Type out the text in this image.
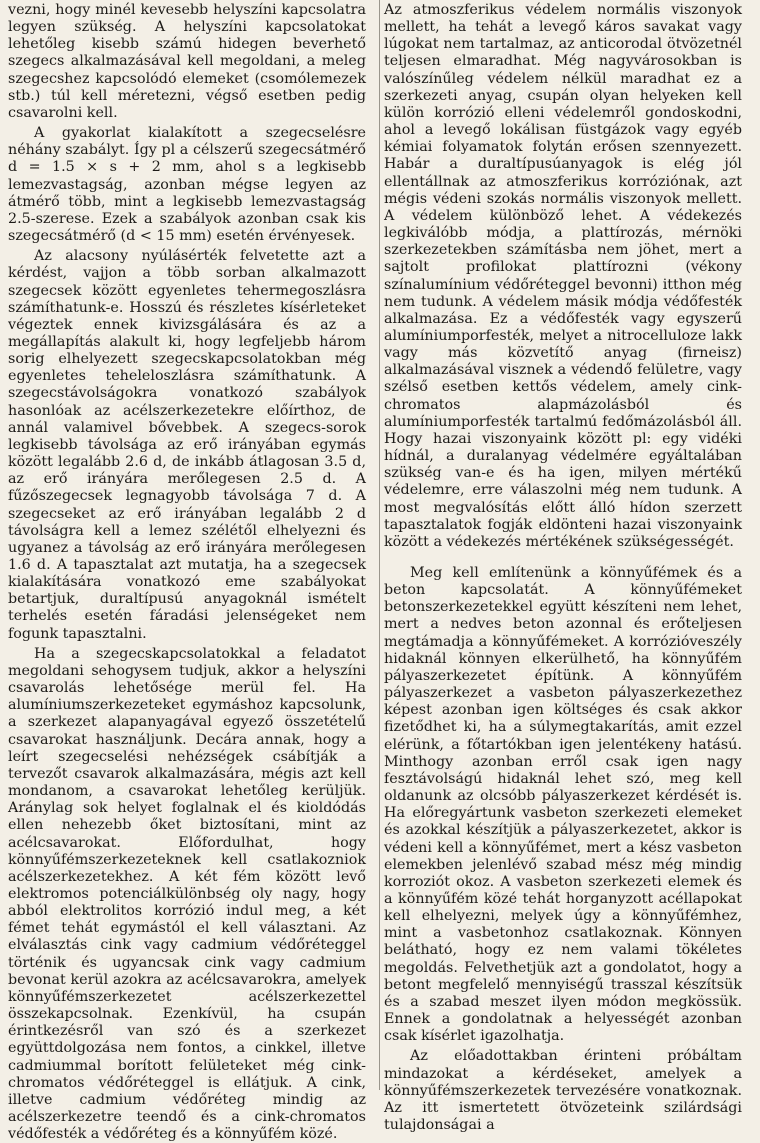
vezni, hogy minél kevesebb helyszíni kapcsolatra legyen szükség. A helyszíni kapcsolatokat lehetőleg kisebb számú hidegen beverhető szegecs alkalmazásával kell megoldani, a meleg szegecshez kapcsolódó elemeket (csomólemezek stb.) túl kell méretezni, végső esetben pedig csavarolni kell.

A gyakorlat kialakított a szegecselésre néhány szabályt. Így pl a célszerű szegecsátmérő d = 1.5 × s + 2 mm, ahol s a legkisebb lemezvastagság, azonban mégse legyen az átmérő több, mint a legkisebb lemezvastagság 2.5-szerese. Ezek a szabályok azonban csak kis szegecsátmérő (d < 15 mm) esetén érvényesek.

Az alacsony nyúlásérték felvetette azt a kérdést, vajjon a több sorban alkalmazott szegecsek között egyenletes tehermegoszlásra számíthatunk-e. Hosszú és részletes kísérleteket végeztek ennek kivizsgálására és az a megállapítás alakult ki, hogy legfeljebb három sorig elhelyezett szegecskapcsolatokban még egyenletes teheleloszlásra számíthatunk. A szegecstávolságokra vonatkozó szabályok hasonlóak az acélszerkezetekre előírthoz, de annál valamivel bővebbek. A szegecs-sorok legkisebb távolsága az erő irányában egymás között legalább 2.6 d, de inkább átlagosan 3.5 d, az erő irányára merőlegesen 2.5 d. A fűzőszegecsek legnagyobb távolsága 7 d. A szegecseket az erő irányában legalább 2 d távolságra kell a lemez szélétől elhelyezni és ugyanez a távolság az erő irányára merőlegesen 1.6 d. A tapasztalat azt mutatja, ha a szegecsek kialakítására vonatkozó eme szabályokat betartjuk, duraltípusú anyagoknál ismételt terhelés esetén fáradási jelenségeket nem fogunk tapasztalni.

Ha a szegecskapcsolatokkal a feladatot megoldani sehogysem tudjuk, akkor a helyszíni csavarolás lehetősége merül fel. Ha alumíniumszerkezeteket egymáshoz kapcsolunk, a szerkezet alapanyagával egyező összetételű csavarokat használjunk. Decára annak, hogy a leírt szegecselési nehézségek csábítják a tervezőt csavarok alkalmazására, mégis azt kell mondanom, a csavarokat lehetőleg kerüljük. Aránylag sok helyet foglalnak el és kioldódás ellen nehezebb őket biztosítani, mint az acélcsavarokat. Előfordulhat, hogy könnyűfémszerkezeteknek kell csatlakozniok acélszerkezetekhez. A két fém között levő elektromos potenciálkülönbség oly nagy, hogy abból elektrolitos korrózió indul meg, a két fémet tehát egymástól el kell választani. Az elválasztás cink vagy cadmium védőréteggel történik és ugyancsak cink vagy cadmium bevonat kerül azokra az acélcsavarokra, amelyek könnyűfémszerkezetet acélszerkezettel összekapcsolnak. Ezenkívül, ha csupán érintkezésről van szó és a szerkezet együttdolgozása nem fontos, a cinkkel, illetve cadmiummal borított felületeket még cink-chromatos védőréteggel is ellátjuk. A cink, illetve cadmium védőréteg mindig az acélszerkezetre teendő és a cink-chromatos védőfesték a védőréteg és a könnyűfém közé.

Az atmoszferikus védelem normális viszonyok mellett, ha tehát a levegő káros savakat vagy lúgokat nem tartalmaz, az anticorodal ötvözetnél teljesen elmaradhat. Még nagyvárosokban is valószínűleg védelem nélkül maradhat ez a szerkezeti anyag, csupán olyan helyeken kell külön korrózió elleni védelemről gondoskodni, ahol a levegő lokálisan füstgázok vagy egyéb kémiai folyamatok folytán erősen szennyezett. Habár a duraltípusúanyagok is elég jól ellentállnak az atmoszferikus korróziónak, azt mégis védeni szokás normális viszonyok mellett. A védelem különböző lehet. A védekezés legkiválóbb módja, a plattírozás, mérnöki szerkezetekben számításba nem jöhet, mert a sajtolt profilokat plattírozni (vékony színalumínium védőréteggel bevonni) itthon még nem tudunk. A védelem másik módja védőfesték alkalmazása. Ez a védőfesték vagy egyszerű alumíniumporfesték, melyet a nitrocelluloze lakk vagy más közvetítő anyag (firneisz) alkalmazásával visznek a védendő felületre, vagy szélső esetben kettős védelem, amely cink-chromatos alapmázolásból és alumíniumporfesték tartalmú fedőmázolásból áll. Hogy hazai viszonyaink között pl: egy vidéki hídnál, a duralanyag védelmére egyáltalában szükség van-e és ha igen, milyen mértékű védelemre, erre válaszolni még nem tudunk. A most megvalósítás előtt álló hídon szerzett tapasztalatok fogják eldönteni hazai viszonyaink között a védekezés mértékének szükségességét.

Meg kell említenünk a könnyűfémek és a beton kapcsolatát. A könnyűfémeket betonszerkezetekkel együtt készíteni nem lehet, mert a nedves beton azonnal és erőteljesen megtámadja a könnyűfémeket. A korrózióveszély hidaknál könnyen elkerülhető, ha könnyűfém pályaszerkezetet építünk. A könnyűfém pályaszerkezet a vasbeton pályaszerkezethez képest azonban igen költséges és csak akkor fizetődhet ki, ha a súlymegtakarítás, amit ezzel elérünk, a főtartókban igen jelentékeny hatású. Minthogy azonban erről csak igen nagy fesztávolságú hidaknál lehet szó, meg kell oldanunk az olcsóbb pályaszerkezet kérdését is. Ha előregyártunk vasbeton szerkezeti elemeket és azokkal készítjük a pályaszerkezetet, akkor is védeni kell a könnyűfémet, mert a kész vasbeton elemekben jelenlévő szabad mész még mindig korroziót okoz. A vasbeton szerkezeti elemek és a könnyűfém közé tehát horganyzott acéllapokat kell elhelyezni, melyek úgy a könnyűfémhez, mint a vasbetonhoz csatlakoznak. Könnyen belátható, hogy ez nem valami tökéletes megoldás. Felvethetjük azt a gondolatot, hogy a betont megfelelő mennyiségű trasszal készítsük és a szabad meszet ilyen módon megkössük. Ennek a gondolatnak a helyességét azonban csak kísérlet igazolhatja.

Az előadottakban érinteni próbáltam mindazokat a kérdéseket, amelyek a könnyűfémszerkezetek tervezésére vonatkoznak. Az itt ismertetett ötvözeteink szilárdsági tulajdonságai a
